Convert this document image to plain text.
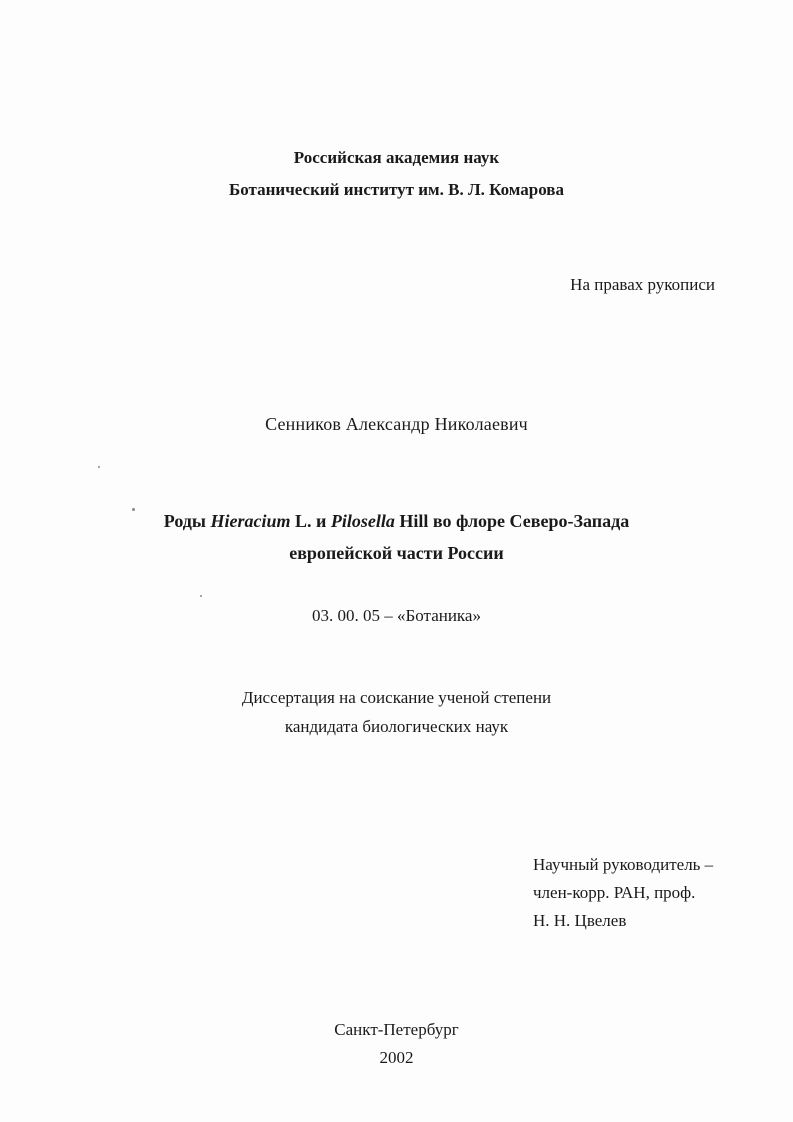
Российская академия наук
Ботанический институт им. В. Л. Комарова
На правах рукописи
Сенников Александр Николаевич
Роды Hieracium L. и Pilosella Hill во флоре Северо-Запада
европейской части России
03. 00. 05 – «Ботаника»
Диссертация на соискание ученой степени
кандидата биологических наук
Научный руководитель –
член-корр. РАН, проф.
Н. Н. Цвелев
Санкт-Петербург
2002
